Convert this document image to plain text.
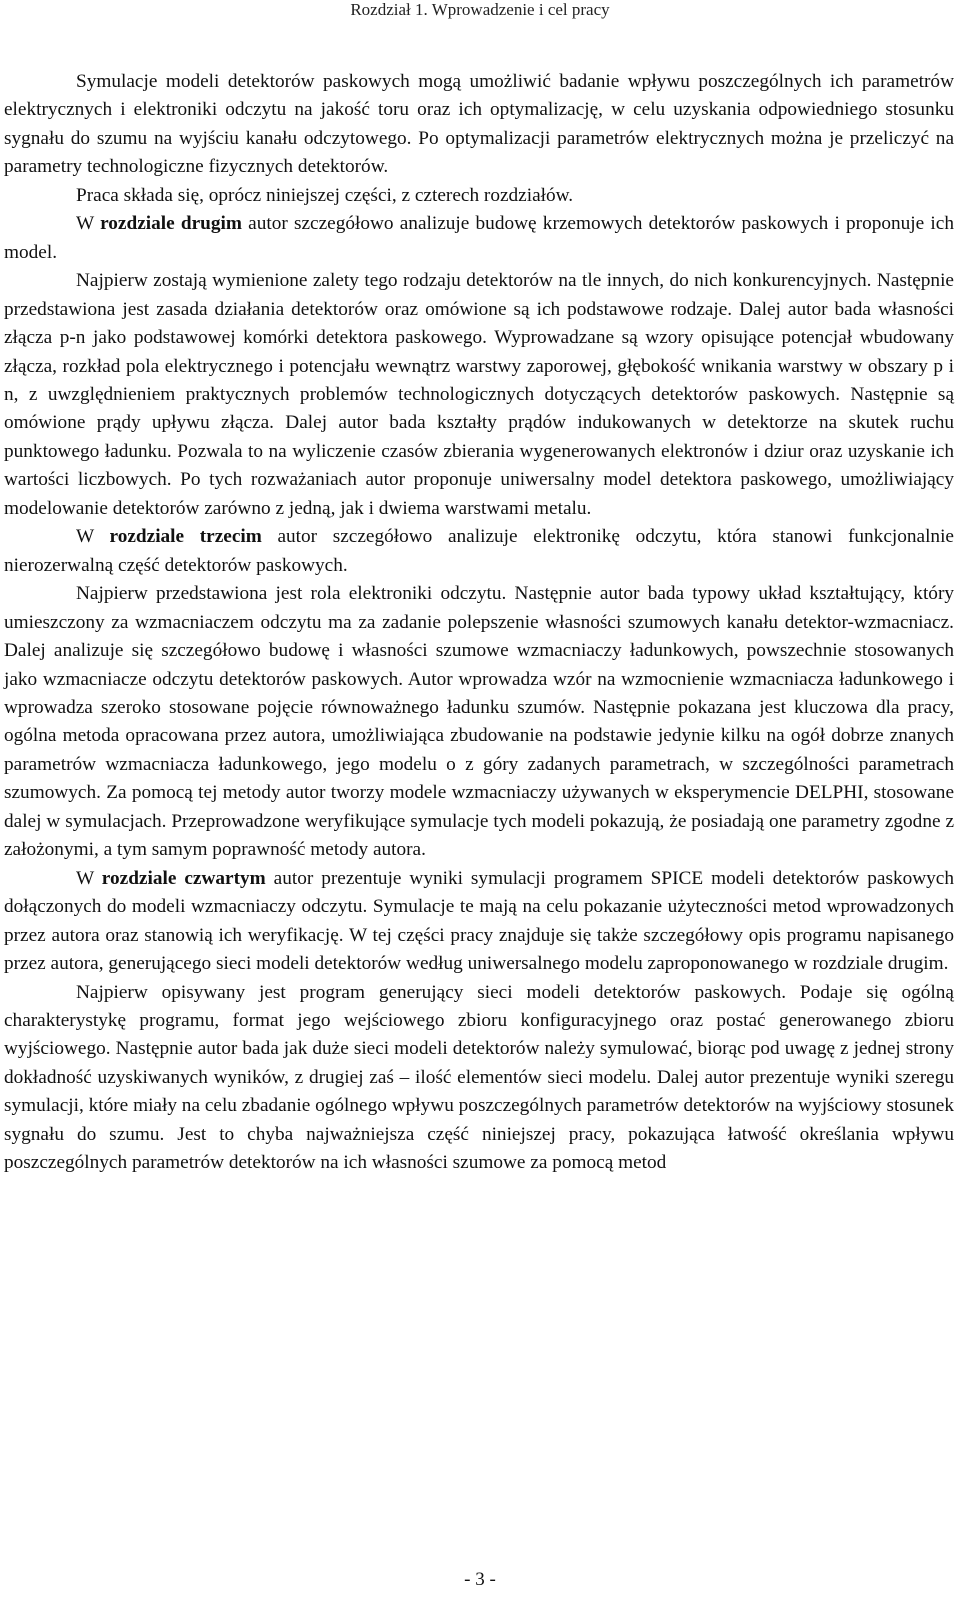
Rozdział 1. Wprowadzenie i cel pracy

Symulacje modeli detektorów paskowych mogą umożliwić badanie wpływu poszczególnych ich parametrów elektrycznych i elektroniki odczytu na jakość toru oraz ich optymalizację, w celu uzyskania odpowiedniego stosunku sygnału do szumu na wyjściu kanału odczytowego. Po optymalizacji parametrów elektrycznych można je przeliczyć na parametry technologiczne fizycznych detektorów.

Praca składa się, oprócz niniejszej części, z czterech rozdziałów.

W rozdziale drugim autor szczegółowo analizuje budowę krzemowych detektorów paskowych i proponuje ich model.

Najpierw zostają wymienione zalety tego rodzaju detektorów na tle innych, do nich konkurencyjnych. Następnie przedstawiona jest zasada działania detektorów oraz omówione są ich podstawowe rodzaje. Dalej autor bada własności złącza p-n jako podstawowej komórki detektora paskowego. Wyprowadzane są wzory opisujące potencjał wbudowany złącza, rozkład pola elektrycznego i potencjału wewnątrz warstwy zaporowej, głębokość wnikania warstwy w obszary p i n, z uwzględnieniem praktycznych problemów technologicznych dotyczących detektorów paskowych. Następnie są omówione prądy upływu złącza. Dalej autor bada kształty prądów indukowanych w detektorze na skutek ruchu punktowego ładunku. Pozwala to na wyliczenie czasów zbierania wygenerowanych elektronów i dziur oraz uzyskanie ich wartości liczbowych. Po tych rozważaniach autor proponuje uniwersalny model detektora paskowego, umożliwiający modelowanie detektorów zarówno z jedną, jak i dwiema warstwami metalu.

W rozdziale trzecim autor szczegółowo analizuje elektronikę odczytu, która stanowi funkcjonalnie nierozerwalną część detektorów paskowych.

Najpierw przedstawiona jest rola elektroniki odczytu. Następnie autor bada typowy układ kształtujący, który umieszczony za wzmacniaczem odczytu ma za zadanie polepszenie własności szumowych kanału detektor-wzmacniacz. Dalej analizuje się szczegółowo budowę i własności szumowe wzmacniaczy ładunkowych, powszechnie stosowanych jako wzmacniacze odczytu detektorów paskowych. Autor wprowadza wzór na wzmocnienie wzmacniacza ładunkowego i wprowadza szeroko stosowane pojęcie równoważnego ładunku szumów. Następnie pokazana jest kluczowa dla pracy, ogólna metoda opracowana przez autora, umożliwiająca zbudowanie na podstawie jedynie kilku na ogół dobrze znanych parametrów wzmacniacza ładunkowego, jego modelu o z góry zadanych parametrach, w szczególności parametrach szumowych. Za pomocą tej metody autor tworzy modele wzmacniaczy używanych w eksperymencie DELPHI, stosowane dalej w symulacjach. Przeprowadzone weryfikujące symulacje tych modeli pokazują, że posiadają one parametry zgodne z założonymi, a tym samym poprawność metody autora.

W rozdziale czwartym autor prezentuje wyniki symulacji programem SPICE modeli detektorów paskowych dołączonych do modeli wzmacniaczy odczytu. Symulacje te mają na celu pokazanie użyteczności metod wprowadzonych przez autora oraz stanowią ich weryfikację. W tej części pracy znajduje się także szczegółowy opis programu napisanego przez autora, generującego sieci modeli detektorów według uniwersalnego modelu zaproponowanego w rozdziale drugim.

Najpierw opisywany jest program generujący sieci modeli detektorów paskowych. Podaje się ogólną charakterystykę programu, format jego wejściowego zbioru konfiguracyjnego oraz postać generowanego zbioru wyjściowego. Następnie autor bada jak duże sieci modeli detektorów należy symulować, biorąc pod uwagę z jednej strony dokładność uzyskiwanych wyników, z drugiej zaś – ilość elementów sieci modelu. Dalej autor prezentuje wyniki szeregu symulacji, które miały na celu zbadanie ogólnego wpływu poszczególnych parametrów detektorów na wyjściowy stosunek sygnału do szumu. Jest to chyba najważniejsza część niniejszej pracy, pokazująca łatwość określania wpływu poszczególnych parametrów detektorów na ich własności szumowe za pomocą metod

- 3 -
